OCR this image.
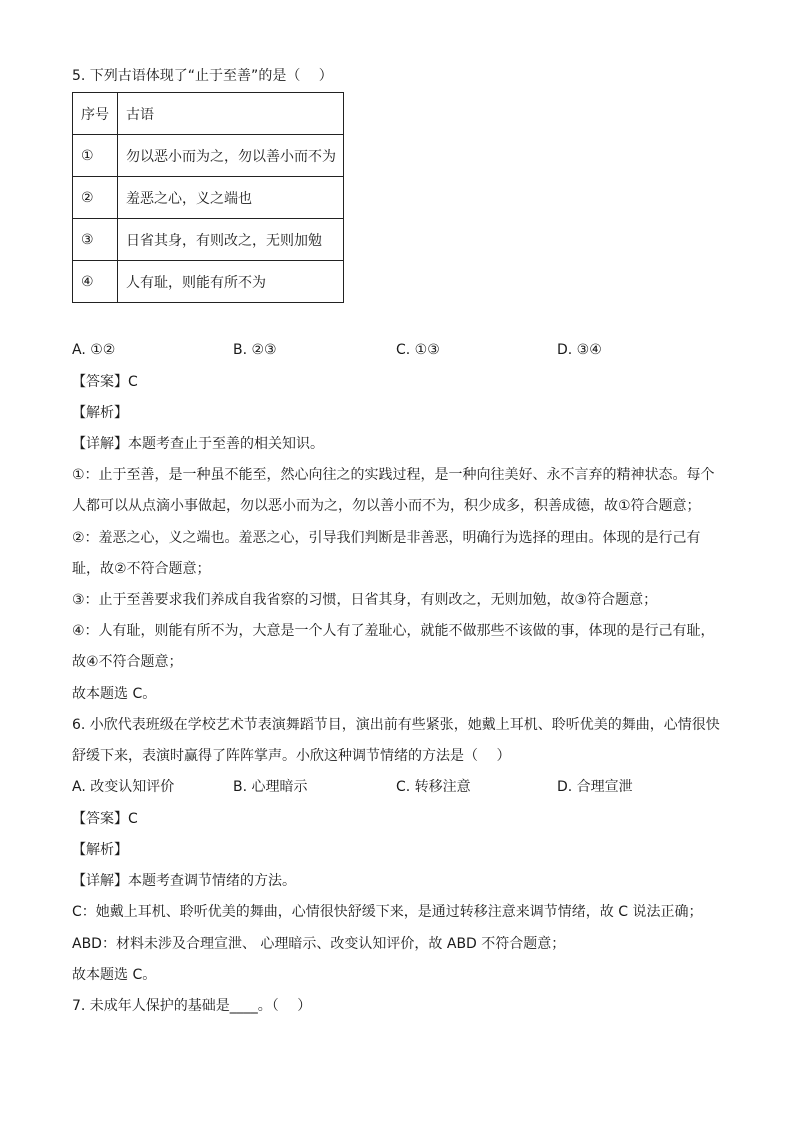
5. 下列古语体现了“止于至善”的是（　 ）
序号	古语
①	勿以恶小而为之，勿以善小而不为
②	羞恶之心，义之端也
③	日省其身，有则改之，无则加勉
④	人有耻，则能有所不为
A. ①②	B. ②③	C. ①③	D. ③④
【答案】C
【解析】
【详解】本题考查止于至善的相关知识。
①：止于至善，是一种虽不能至，然心向往之的实践过程，是一种向往美好、永不言弃的精神状态。每个
人都可以从点滴小事做起，勿以恶小而为之，勿以善小而不为，积少成多，积善成德，故①符合题意；
②：羞恶之心，义之端也。羞恶之心，引导我们判断是非善恶，明确行为选择的理由。体现的是行己有
耻，故②不符合题意；
③：止于至善要求我们养成自我省察的习惯，日省其身，有则改之，无则加勉，故③符合题意；
④：人有耻，则能有所不为，大意是一个人有了羞耻心，就能不做那些不该做的事，体现的是行己有耻，
故④不符合题意；
故本题选 C。
6. 小欣代表班级在学校艺术节表演舞蹈节目，演出前有些紧张，她戴上耳机、聆听优美的舞曲，心情很快
舒缓下来，表演时赢得了阵阵掌声。小欣这种调节情绪的方法是（　 ）
A. 改变认知评价	B. 心理暗示	C. 转移注意	D. 合理宣泄
【答案】C
【解析】
【详解】本题考查调节情绪的方法。
C：她戴上耳机、聆听优美的舞曲，心情很快舒缓下来，是通过转移注意来调节情绪，故 C 说法正确；
ABD：材料未涉及合理宣泄、 心理暗示、改变认知评价，故 ABD 不符合题意；
故本题选 C。
7. 未成年人保护的基础是____。（　 ）
